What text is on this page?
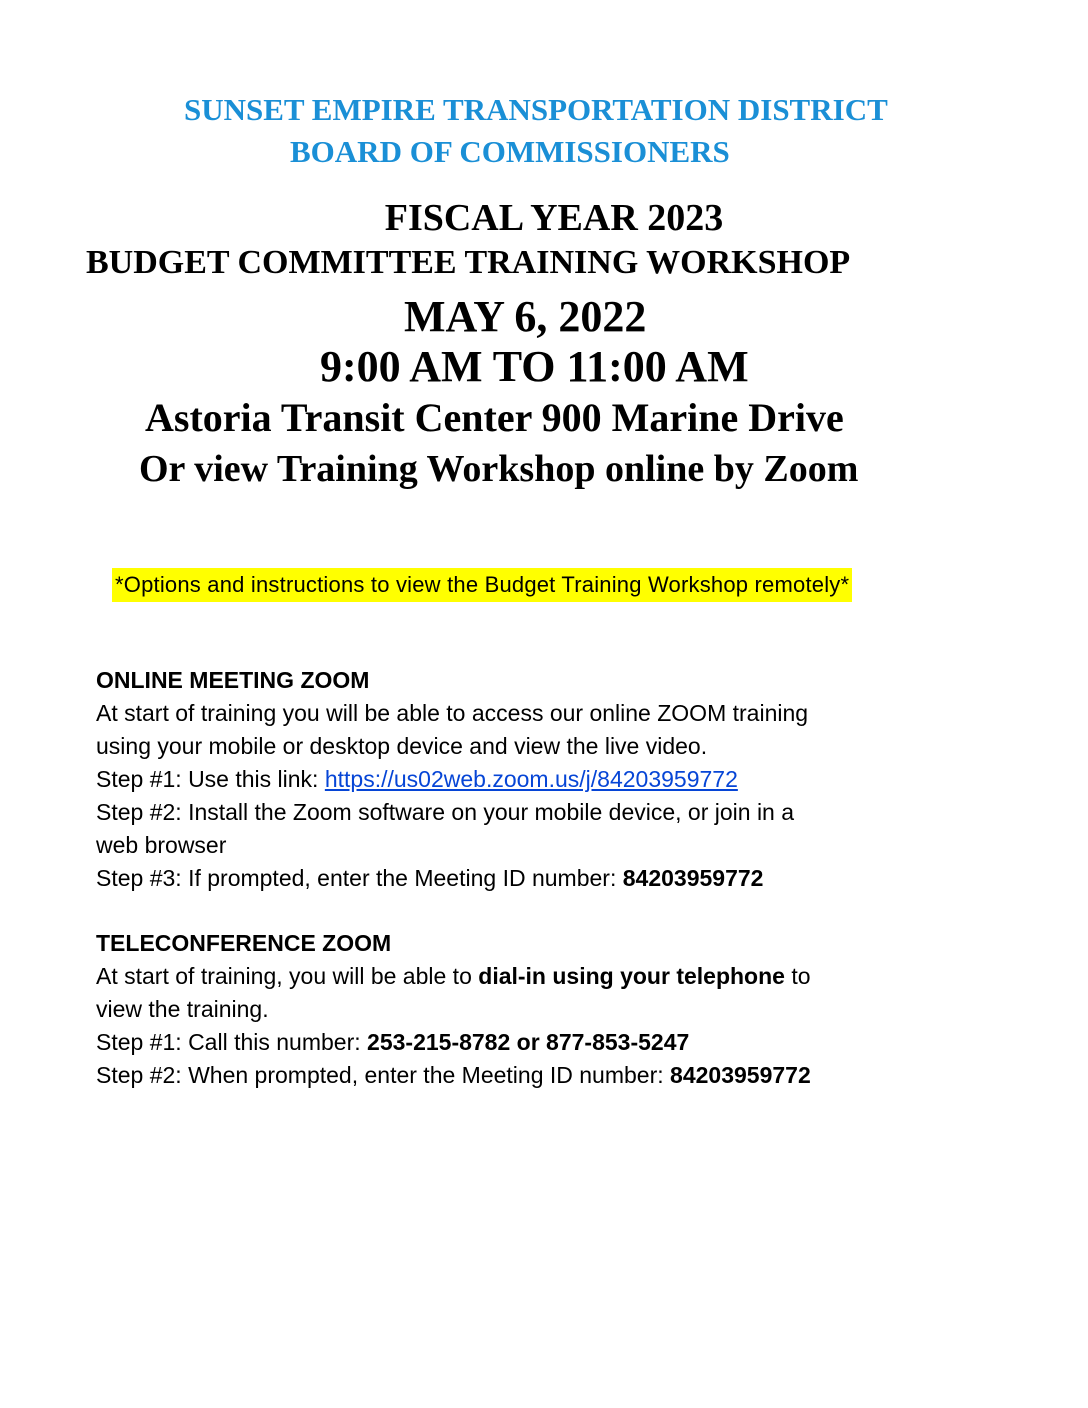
SUNSET EMPIRE TRANSPORTATION DISTRICT
BOARD OF COMMISSIONERS
FISCAL YEAR 2023
BUDGET COMMITTEE TRAINING WORKSHOP
MAY 6, 2022
9:00 AM TO 11:00 AM
Astoria Transit Center 900 Marine Drive
Or view Training Workshop online by Zoom
*Options and instructions to view the Budget Training Workshop remotely*
ONLINE MEETING ZOOM
At start of training you will be able to access our online ZOOM training
using your mobile or desktop device and view the live video.
Step #1: Use this link: https://us02web.zoom.us/j/84203959772
Step #2: Install the Zoom software on your mobile device, or join in a
web browser
Step #3: If prompted, enter the Meeting ID number: 84203959772
TELECONFERENCE ZOOM
At start of training, you will be able to dial-in using your telephone to
view the training.
Step #1: Call this number: 253-215-8782 or 877-853-5247
Step #2: When prompted, enter the Meeting ID number: 84203959772
